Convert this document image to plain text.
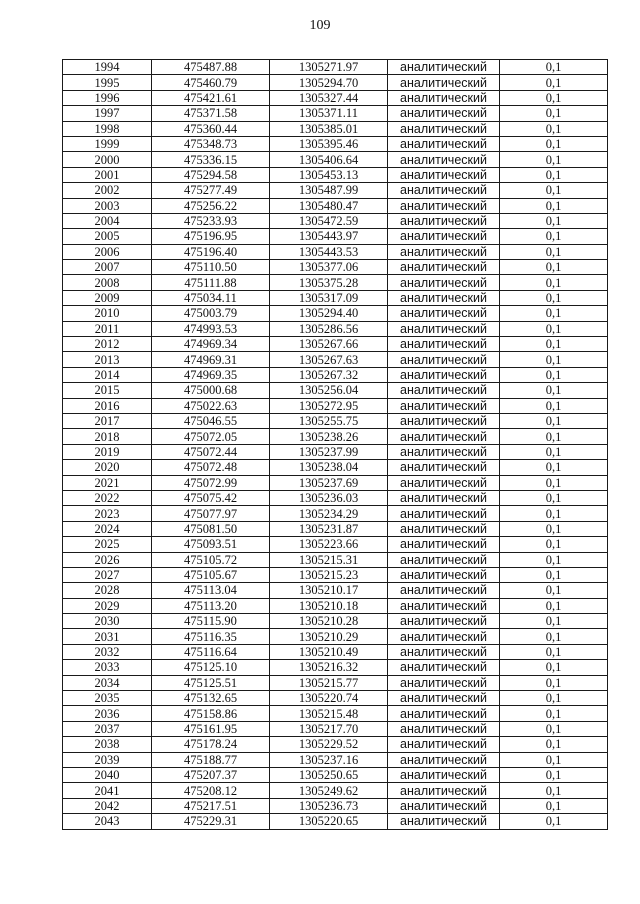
109
1994	475487.88	1305271.97	аналитический	0,1
1995	475460.79	1305294.70	аналитический	0,1
1996	475421.61	1305327.44	аналитический	0,1
1997	475371.58	1305371.11	аналитический	0,1
1998	475360.44	1305385.01	аналитический	0,1
1999	475348.73	1305395.46	аналитический	0,1
2000	475336.15	1305406.64	аналитический	0,1
2001	475294.58	1305453.13	аналитический	0,1
2002	475277.49	1305487.99	аналитический	0,1
2003	475256.22	1305480.47	аналитический	0,1
2004	475233.93	1305472.59	аналитический	0,1
2005	475196.95	1305443.97	аналитический	0,1
2006	475196.40	1305443.53	аналитический	0,1
2007	475110.50	1305377.06	аналитический	0,1
2008	475111.88	1305375.28	аналитический	0,1
2009	475034.11	1305317.09	аналитический	0,1
2010	475003.79	1305294.40	аналитический	0,1
2011	474993.53	1305286.56	аналитический	0,1
2012	474969.34	1305267.66	аналитический	0,1
2013	474969.31	1305267.63	аналитический	0,1
2014	474969.35	1305267.32	аналитический	0,1
2015	475000.68	1305256.04	аналитический	0,1
2016	475022.63	1305272.95	аналитический	0,1
2017	475046.55	1305255.75	аналитический	0,1
2018	475072.05	1305238.26	аналитический	0,1
2019	475072.44	1305237.99	аналитический	0,1
2020	475072.48	1305238.04	аналитический	0,1
2021	475072.99	1305237.69	аналитический	0,1
2022	475075.42	1305236.03	аналитический	0,1
2023	475077.97	1305234.29	аналитический	0,1
2024	475081.50	1305231.87	аналитический	0,1
2025	475093.51	1305223.66	аналитический	0,1
2026	475105.72	1305215.31	аналитический	0,1
2027	475105.67	1305215.23	аналитический	0,1
2028	475113.04	1305210.17	аналитический	0,1
2029	475113.20	1305210.18	аналитический	0,1
2030	475115.90	1305210.28	аналитический	0,1
2031	475116.35	1305210.29	аналитический	0,1
2032	475116.64	1305210.49	аналитический	0,1
2033	475125.10	1305216.32	аналитический	0,1
2034	475125.51	1305215.77	аналитический	0,1
2035	475132.65	1305220.74	аналитический	0,1
2036	475158.86	1305215.48	аналитический	0,1
2037	475161.95	1305217.70	аналитический	0,1
2038	475178.24	1305229.52	аналитический	0,1
2039	475188.77	1305237.16	аналитический	0,1
2040	475207.37	1305250.65	аналитический	0,1
2041	475208.12	1305249.62	аналитический	0,1
2042	475217.51	1305236.73	аналитический	0,1
2043	475229.31	1305220.65	аналитический	0,1
